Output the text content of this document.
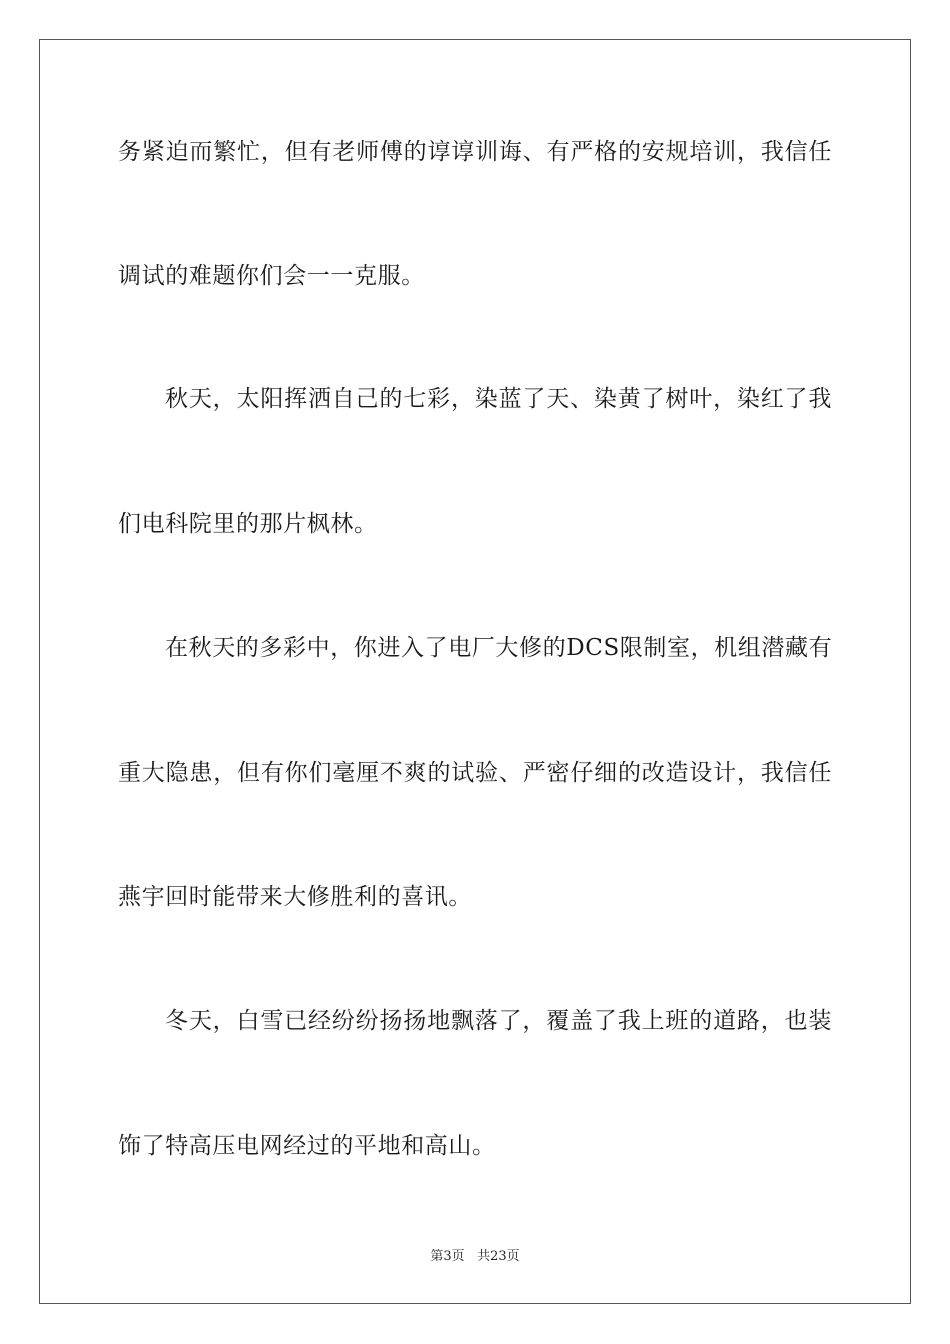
务紧迫而繁忙，但有老师傅的谆谆训诲、有严格的安规培训，我信任
调试的难题你们会一一克服。
秋天，太阳挥洒自己的七彩，染蓝了天、染黄了树叶，染红了我
们电科院里的那片枫林。
在秋天的多彩中，你进入了电厂大修的DCS限制室，机组潜藏有
重大隐患，但有你们毫厘不爽的试验、严密仔细的改造设计，我信任
燕宇回时能带来大修胜利的喜讯。
冬天，白雪已经纷纷扬扬地飘落了，覆盖了我上班的道路，也装
饰了特高压电网经过的平地和高山。
第3页 共23页
